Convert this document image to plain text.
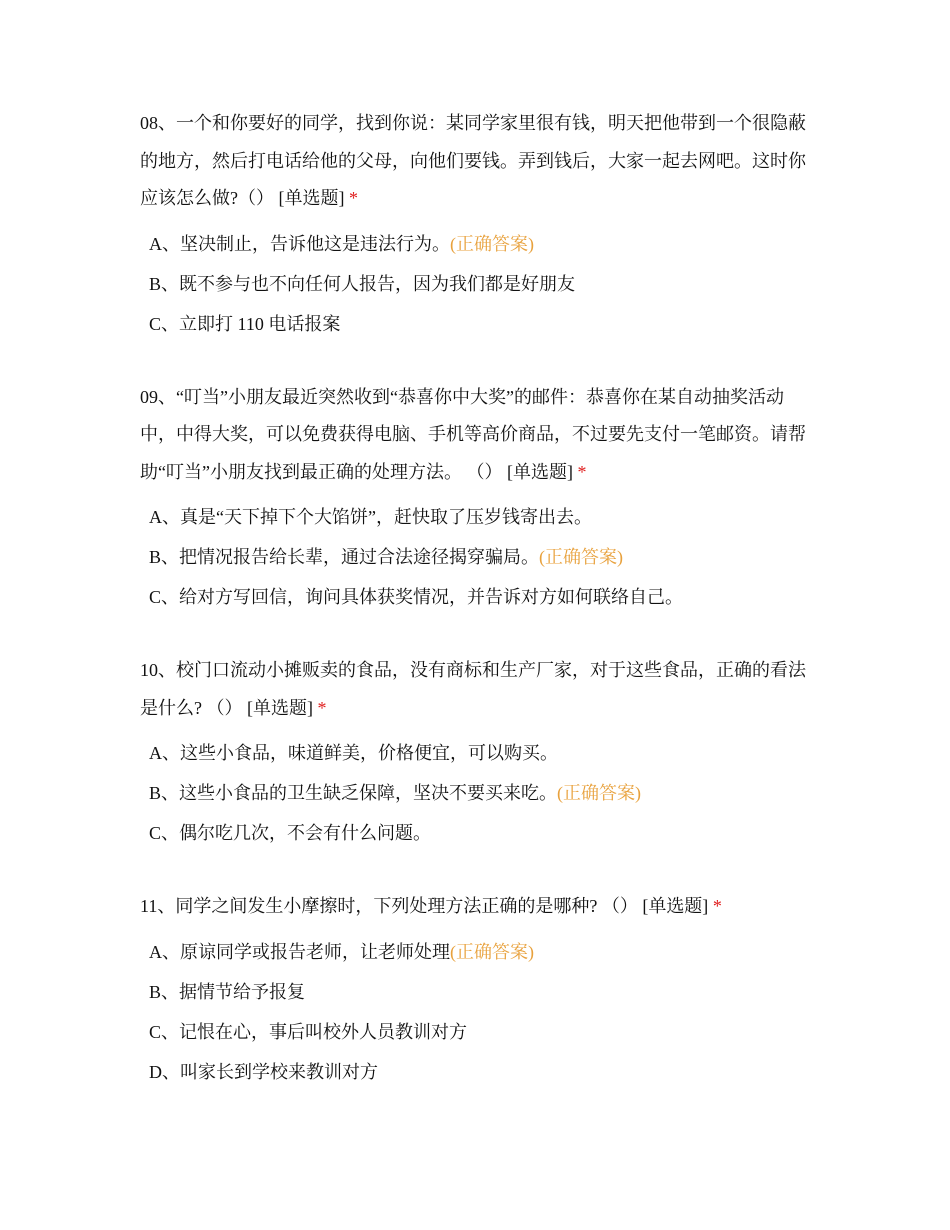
08、一个和你要好的同学，找到你说：某同学家里很有钱，明天把他带到一个很隐蔽的地方，然后打电话给他的父母，向他们要钱。弄到钱后，大家一起去网吧。这时你应该怎么做?（） [单选题] *

A、坚决制止，告诉他这是违法行为。(正确答案)
B、既不参与也不向任何人报告，因为我们都是好朋友
C、立即打 110 电话报案

09、“叮当”小朋友最近突然收到“恭喜你中大奖”的邮件：恭喜你在某自动抽奖活动中，中得大奖，可以免费获得电脑、手机等高价商品，不过要先支付一笔邮资。请帮助“叮当”小朋友找到最正确的处理方法。 （） [单选题] *

A、真是“天下掉下个大馅饼”，赶快取了压岁钱寄出去。
B、把情况报告给长辈，通过合法途径揭穿骗局。(正确答案)
C、给对方写回信，询问具体获奖情况，并告诉对方如何联络自己。

10、校门口流动小摊贩卖的食品，没有商标和生产厂家，对于这些食品，正确的看法是什么? （） [单选题] *

A、这些小食品，味道鲜美，价格便宜，可以购买。
B、这些小食品的卫生缺乏保障，坚决不要买来吃。(正确答案)
C、偶尔吃几次，不会有什么问题。

11、同学之间发生小摩擦时，下列处理方法正确的是哪种? （） [单选题] *

A、原谅同学或报告老师，让老师处理(正确答案)
B、据情节给予报复
C、记恨在心，事后叫校外人员教训对方
D、叫家长到学校来教训对方
